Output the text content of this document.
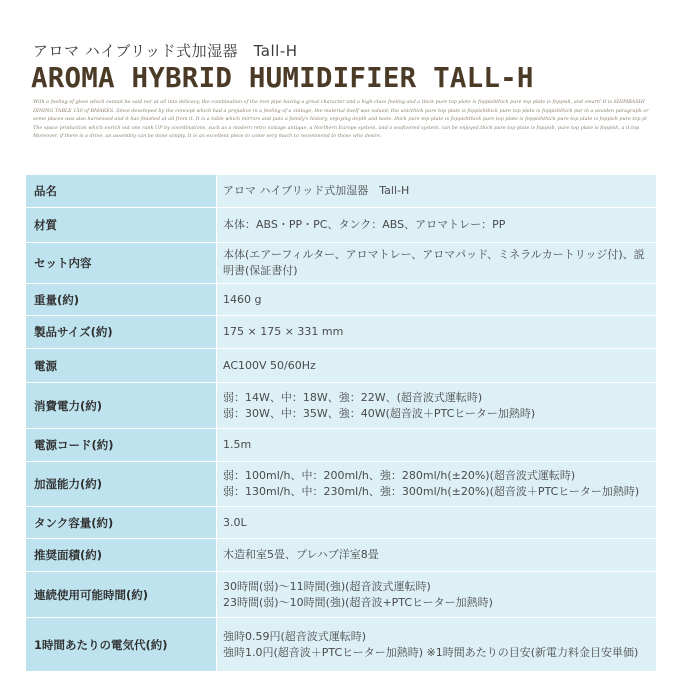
アロマ ハイブリッド式加湿器　Tall-H
AROMA HYBRID HUMIDIFIER TALL-H

With a feeling of gloss which cannot be said nor at all into delicacy, the combination of the iron pipe having a great character and a high-class feeling and a thick pure top plate is foppishthick pure top plate is foppish, and smart! It is SHIMBASHI DINING TABLE 150 of BMAKES. Since developed by the concept which had a prejudice in a feeling of a vintage, the material itself was valued, the unicthick pure top plate is foppishthick pure top plate is foppishthick pur in a wooden paragraph or some places was also harnessed and it has finished at all from it. It is a table which mirrors and puts a family's history, enjoying depth and taste. thick pure top plate is foppishthick pure top plate is foppishthick pure top plate is foppish pure top pl The space production which enrich out one rank UP by coordinations, such as a modern retro vintage antique, a Northern Europe system, and a seafloored system, can be enjoyed.thick pure top plate is foppish, pure top plate is foppish, a it top Moreover, if there is a drive, an assembly can be done simply. It is an excellent piece to come very much to recommend to those who desire.

品名	アロマ ハイブリッド式加湿器　Tall-H

材質	本体：ABS・PP・PC、タンク：ABS、アロマトレー：PP

セット内容	本体(エアーフィルター、アロマトレー、アロマパッド、ミネラルカートリッジ付)、説明書(保証書付)

重量(約)	1460 g

製品サイズ(約)	175 × 175 × 331 mm

電源	AC100V 50/60Hz

消費電力(約)	弱：14W、中：18W、強：22W、(超音波式運転時)
弱：30W、中：35W、強：40W(超音波＋PTCヒーター加熱時)

電源コード(約)	1.5m

加湿能力(約)	弱：100ml/h、中：200ml/h、強：280ml/h(±20%)(超音波式運転時)
弱：130ml/h、中：230ml/h、強：300ml/h(±20%)(超音波＋PTCヒーター加熱時)

タンク容量(約)	3.0L

推奨面積(約)	木造和室5畳、プレハブ洋室8畳

連続使用可能時間(約)	30時間(弱)～11時間(強)(超音波式運転時)
23時間(弱)～10時間(強)(超音波+PTCヒーター加熱時)

1時間あたりの電気代(約)	強時0.59円(超音波式運転時)
強時1.0円(超音波＋PTCヒーター加熱時) ※1時間あたりの目安(新電力料金目安単価)
